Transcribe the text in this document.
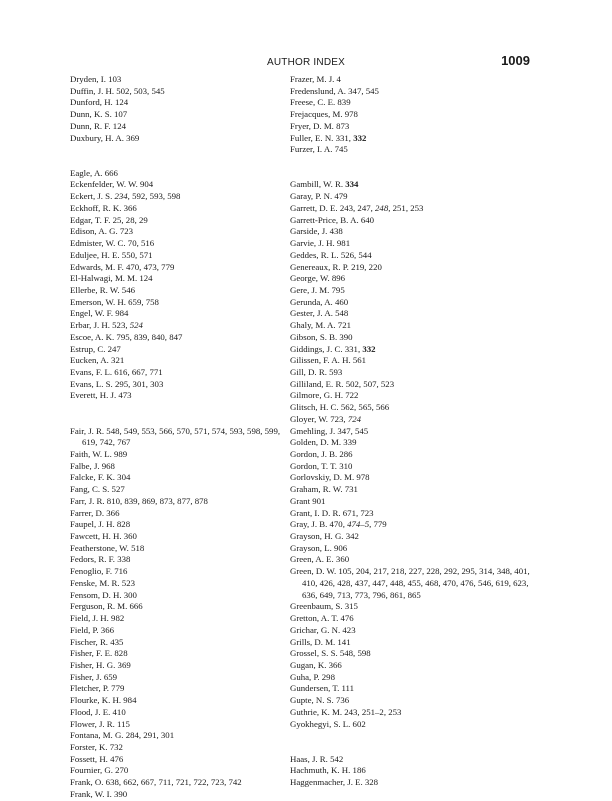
AUTHOR INDEX	1009
Dryden, I. 103
Duffin, J. H. 502, 503, 545
Dunford, H. 124
Dunn, K. S. 107
Dunn, R. F. 124
Duxbury, H. A. 369
Eagle, A. 666
Eckenfelder, W. W. 904
Eckert, J. S. 234, 592, 593, 598
Eckhoff, R. K. 366
Edgar, T. F. 25, 28, 29
Edison, A. G. 723
Edmister, W. C. 70, 516
Eduljee, H. E. 550, 571
Edwards, M. F. 470, 473, 779
El-Halwagi, M. M. 124
Ellerbe, R. W. 546
Emerson, W. H. 659, 758
Engel, W. F. 984
Erbar, J. H. 523, 524
Escoe, A. K. 795, 839, 840, 847
Estrup, C. 247
Eucken, A. 321
Evans, F. L. 616, 667, 771
Evans, L. S. 295, 301, 303
Everett, H. J. 473
Fair, J. R. 548, 549, 553, 566, 570, 571, 574, 593, 598, 599, 619, 742, 767
Faith, W. L. 989
Falbe, J. 968
Falcke, F. K. 304
Fang, C. S. 527
Farr, J. R. 810, 839, 869, 873, 877, 878
Farrer, D. 366
Faupel, J. H. 828
Fawcett, H. H. 360
Featherstone, W. 518
Fedors, R. F. 338
Fenoglio, F. 716
Fenske, M. R. 523
Fensom, D. H. 300
Ferguson, R. M. 666
Field, J. H. 982
Field, P. 366
Fischer, R. 435
Fisher, F. E. 828
Fisher, H. G. 369
Fisher, J. 659
Fletcher, P. 779
Flourke, K. H. 984
Flood, J. E. 410
Flower, J. R. 115
Fontana, M. G. 284, 291, 301
Forster, K. 732
Fossett, H. 476
Fournier, G. 270
Frank, O. 638, 662, 667, 711, 721, 722, 723, 742
Frank, W. I. 390
Frazer, M. J. 4
Fredenslund, A. 347, 545
Freese, C. E. 839
Frejacques, M. 978
Fryer, D. M. 873
Fuller, E. N. 331, 332
Furzer, I. A. 745
Gambill, W. R. 334
Garay, P. N. 479
Garrett, D. E. 243, 247, 248, 251, 253
Garrett-Price, B. A. 640
Garside, J. 438
Garvie, J. H. 981
Geddes, R. L. 526, 544
Genereaux, R. P. 219, 220
George, W. 896
Gere, J. M. 795
Gerunda, A. 460
Gester, J. A. 548
Ghaly, M. A. 721
Gibson, S. B. 390
Giddings, J. C. 331, 332
Gilissen, F. A. H. 561
Gill, D. R. 593
Gilliland, E. R. 502, 507, 523
Gilmore, G. H. 722
Glitsch, H. C. 562, 565, 566
Gloyer, W. 723, 724
Gmehling, J. 347, 545
Golden, D. M. 339
Gordon, J. B. 286
Gordon, T. T. 310
Gorlovskiy, D. M. 978
Graham, R. W. 731
Grant 901
Grant, I. D. R. 671, 723
Gray, J. B. 470, 474–5, 779
Grayson, H. G. 342
Grayson, L. 906
Green, A. E. 360
Green, D. W. 105, 204, 217, 218, 227, 228, 292, 295, 314, 348, 401, 410, 426, 428, 437, 447, 448, 455, 468, 470, 476, 546, 619, 623, 636, 649, 713, 773, 796, 861, 865
Greenbaum, S. 315
Gretton, A. T. 476
Grichar, G. N. 423
Grills, D. M. 141
Grossel, S. S. 548, 598
Gugan, K. 366
Guha, P. 298
Gundersen, T. 111
Gupte, N. S. 736
Guthrie, K. M. 243, 251–2, 253
Gyokhegyi, S. L. 602
Haas, J. R. 542
Hachmuth, K. H. 186
Haggenmacher, J. E. 328
